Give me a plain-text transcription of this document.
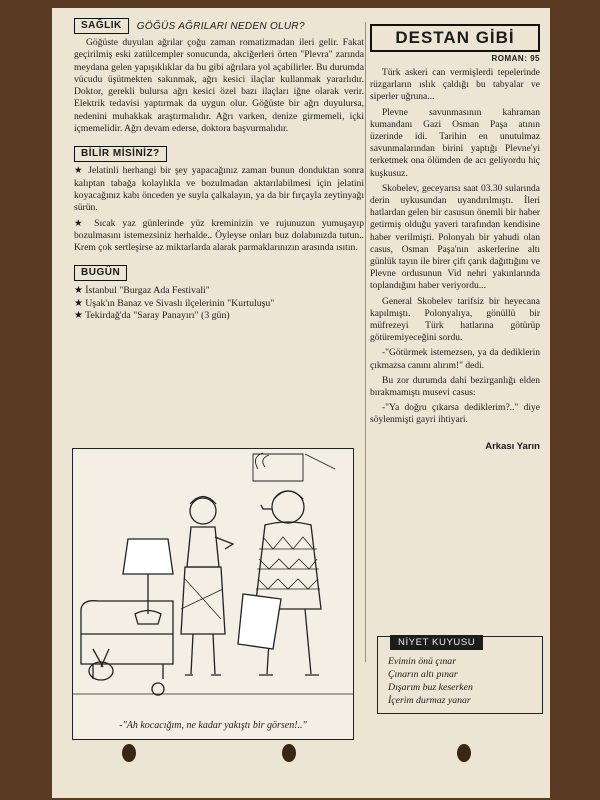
SAĞLIK	GÖĞÜS AĞRILARI NEDEN OLUR?

Göğüste duyulan ağrılar çoğu zaman romatizmadan ileri gelir. Fakat geçirilmiş eski zatülcempler sonucunda, akciğerleri örten "Plevra" zarında meydana gelen yapışıklıklar da bu gibi ağrılara yol açabilirler. Bu durumda vücudu üşütmekten sakınmak, ağrı kesici ilaçlar kullanmak yararlıdır. Doktor, gerekli bulursa ağrı kesici özel bazı ilaçları iğne olarak verir. Elektrik tedavisi yaptırmak da uygun olur. Göğüste bir ağrı duyulursa, nedenini muhakkak araştırmalıdır. Ağrı varken, denize girmemeli, içki içmemelidir. Ağrı devam ederse, doktora başvurmalıdır.

BİLİR MİSİNİZ?

★ Jelatinli herhangi bir şey yapacağınız zaman bunun donduktan sonra kalıptan tabağa kolaylıkla ve bozulmadan aktarılabilmesi için jelatini koyacağınız kabı önceden ye suyla çalkalayın, ya da bir fırçayla zeytinyağı sürün.

★ Sıcak yaz günlerinde yüz kreminizin ve rujunuzun yumuşayıp bozulmasını istemezsiniz herhalde.. Öyleyse onları buz dolabınızda tutun.. Krem çok sertleşirse az miktarlarda alarak parmaklarınızın arasında ısıtın.

BUGÜN
★ İstanbul "Burgaz Ada Festivali"
★ Uşak'ın Banaz ve Sivaslı ilçelerinin "Kurtuluşu"
★ Tekirdağ'da "Saray Panayırı" (3 gün)
-"Ah kocacığım, ne kadar yakıştı bir görsen!.."
DESTAN GİBİ
ROMAN: 95

Türk askeri can vermişlerdi tepelerinde rüzgarların ıslık çaldığı bu tabyalar ve siperler uğruna...

Plevne savunmasının kahraman kumandanı Gazi Osman Paşa atının üzerinde idi. Tarihin en unutulmaz savunmalarından birini yaptığı Plevne'yi terketmek ona ölümden de acı geliyordu hiç kuşkusuz.

Skobelev, geceyarısı saat 03.30 sularında derin uykusundan uyandırılmıştı. İleri hatlardan gelen bir casusun önemli bir haber getirmiş olduğu yaveri tarafından kendisine haber verilmişti. Polonyalı bir yahudi olan casus, Osman Paşa'nın askerlerine altı günlük tayın ile birer çift çarık dağıttığını ve Plevne ordusunun Vid nehri yakınlarında toplandığını haber veriyordu...

General Skobelev tarifsiz bir heyecana kapılmıştı. Polonyalıya, gönüllü bir müfrezeyi Türk hatlarına götürüp götüremiyeceğini sordu.

-"Götürmek istemezsen, ya da dediklerin çıkmazsa canını alırım!" dedi.

Bu zor durumda dahi bezirganlığı elden bırakmamıştı musevi casus:

-"Ya doğru çıkarsa dediklerim?.." diye söylenmişti gayri ihtiyari.

Arkası Yarın
NİYET KUYUSU
Evimin önü çınar
Çınarın altı pınar
Dışarım buz keserken
İçerim durmaz yanar
